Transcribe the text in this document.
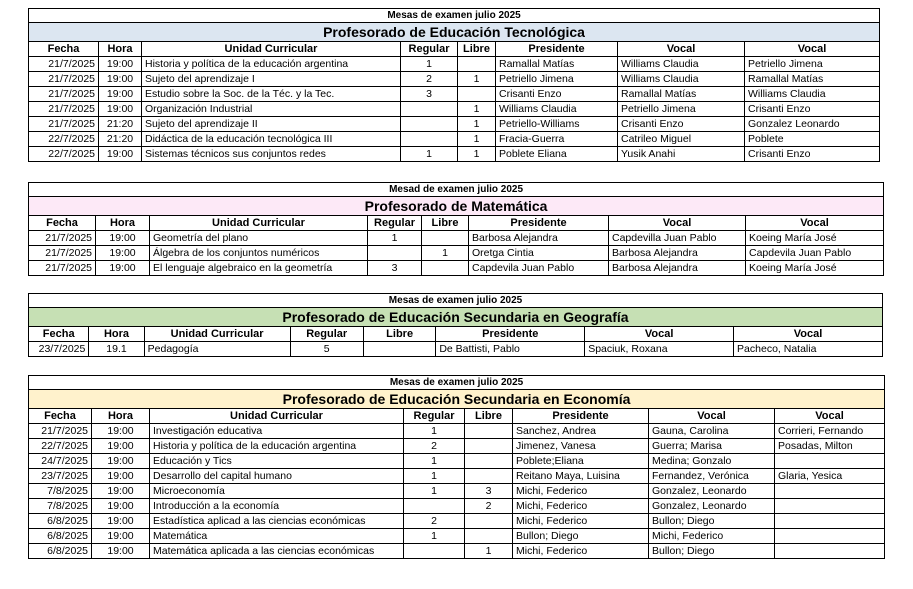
Mesas de examen julio 2025							
Profesorado de Educación Tecnológica							
Fecha	Hora	Unidad Curricular	Regular	Libre	Presidente	Vocal	Vocal
21/7/2025	19:00	Historia y política de la educación argentina	1		Ramallal Matías	Williams Claudia	Petriello Jimena
21/7/2025	19:00	Sujeto del aprendizaje I	2	1	Petriello Jimena	Williams Claudia	Ramallal Matías
21/7/2025	19:00	Estudio sobre la Soc. de la Téc. y la Tec.	3		Crisanti Enzo	Ramallal Matías	Williams Claudia
21/7/2025	19:00	Organización Industrial		1	Williams Claudia	Petriello Jimena	Crisanti Enzo
21/7/2025	21:20	Sujeto del aprendizaje II		1	Petriello-Williams	Crisanti Enzo	Gonzalez Leonardo
22/7/2025	21:20	Didáctica de la educación tecnológica III		1	Fracia-Guerra	Catrileo Miguel	Poblete
22/7/2025	19:00	Sistemas técnicos sus conjuntos redes	1	1	Poblete Eliana	Yusik Anahi	Crisanti Enzo
Mesad de examen julio 2025							
Profesorado de Matemática							
Fecha	Hora	Unidad Curricular	Regular	Libre	Presidente	Vocal	Vocal
21/7/2025	19:00	Geometría del plano	1		Barbosa Alejandra	Capdevilla Juan Pablo	Koeing María José
21/7/2025	19:00	Álgebra de los conjuntos numéricos		1	Oretga Cintia	Barbosa Alejandra	Capdevila Juan Pablo
21/7/2025	19:00	El lenguaje algebraico en la geometría	3		Capdevila Juan Pablo	Barbosa Alejandra	Koeing María José
Mesas de examen julio 2025							
Profesorado de Educación Secundaria en Geografía							
Fecha	Hora	Unidad Curricular	Regular	Libre	Presidente	Vocal	Vocal
23/7/2025	19.1	Pedagogía	5		De Battisti, Pablo	Spaciuk, Roxana	Pacheco, Natalia
Mesas de examen julio 2025							
Profesorado de Educación Secundaria en Economía							
Fecha	Hora	Unidad Curricular	Regular	Libre	Presidente	Vocal	Vocal
21/7/2025	19:00	Investigación educativa	1		Sanchez, Andrea	Gauna, Carolina	Corrieri, Fernando
22/7/2025	19:00	Historia y política de la educación argentina	2		Jimenez, Vanesa	Guerra; Marisa	Posadas, Milton
24/7/2025	19:00	Educación y Tics	1		Poblete;Eliana	Medina; Gonzalo	
23/7/2025	19:00	Desarrollo del capital humano	1		Reitano Maya, Luisina	Fernandez, Verónica	Glaria, Yesica
7/8/2025	19:00	Microeconomía	1	3	Michi, Federico	Gonzalez, Leonardo	
7/8/2025	19:00	Introducción a la economía		2	Michi, Federico	Gonzalez, Leonardo	
6/8/2025	19:00	Estadística aplicad a las ciencias económicas	2		Michi, Federico	Bullon; Diego	
6/8/2025	19:00	Matemática	1		Bullon; Diego	Michi, Federico	
6/8/2025	19:00	Matemática aplicada a las ciencias económicas		1	Michi, Federico	Bullon; Diego	
